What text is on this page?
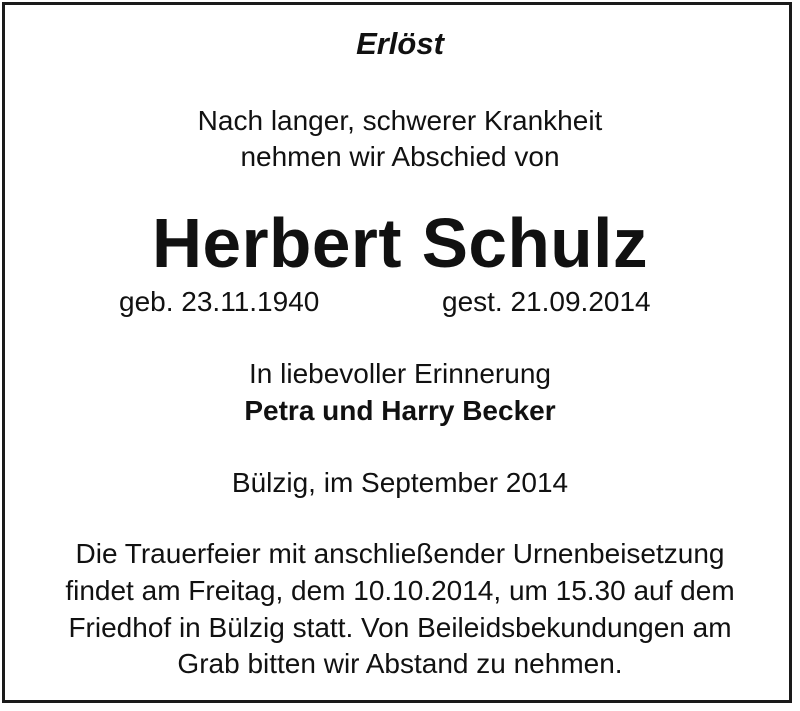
Erlöst
Nach langer, schwerer Krankheit
nehmen wir Abschied von
Herbert Schulz
geb. 23.11.1940	gest. 21.09.2014
In liebevoller Erinnerung
Petra und Harry Becker
Bülzig, im September 2014
Die Trauerfeier mit anschließender Urnenbeisetzung
findet am Freitag, dem 10.10.2014, um 15.30 auf dem
Friedhof in Bülzig statt. Von Beileidsbekundungen am
Grab bitten wir Abstand zu nehmen.
